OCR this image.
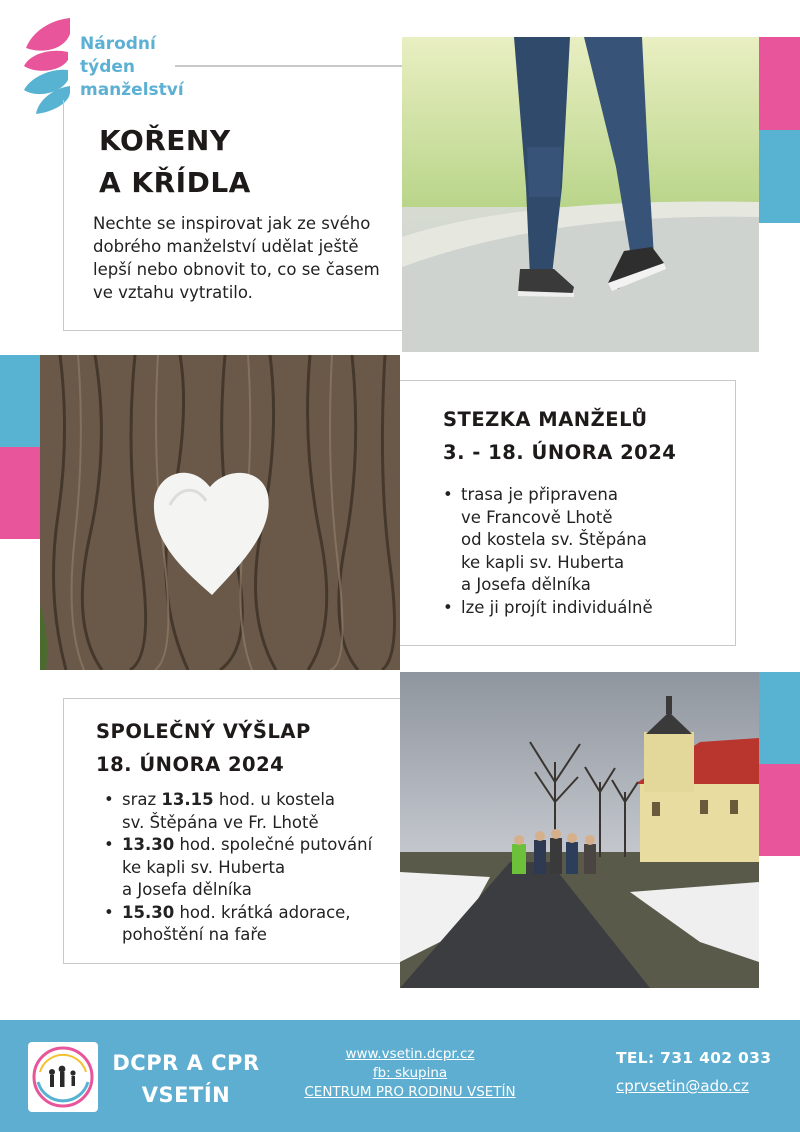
Národní
týden
manželství
KOŘENY
A KŘÍDLA
Nechte se inspirovat jak ze svého dobrého manželství udělat ještě lepší nebo obnovit to, co se časem ve vztahu vytratilo.
STEZKA MANŽELŮ
3. - 18. ÚNORA 2024
• trasa je připravena
ve Francově Lhotě
od kostela sv. Štěpána
ke kapli sv. Huberta
a Josefa dělníka
• lze ji projít individuálně
SPOLEČNÝ VÝŠLAP
18. ÚNORA 2024
• sraz 13.15 hod. u kostela
sv. Štěpána ve Fr. Lhotě
• 13.30 hod. společné putování
ke kapli sv. Huberta
a Josefa dělníka
• 15.30 hod. krátká adorace,
pohoštění na faře
DCPR A CPR
VSETÍN
www.vsetin.dcpr.cz
fb: skupina
CENTRUM PRO RODINU VSETÍN
TEL: 731 402 033
cprvsetin@ado.cz
